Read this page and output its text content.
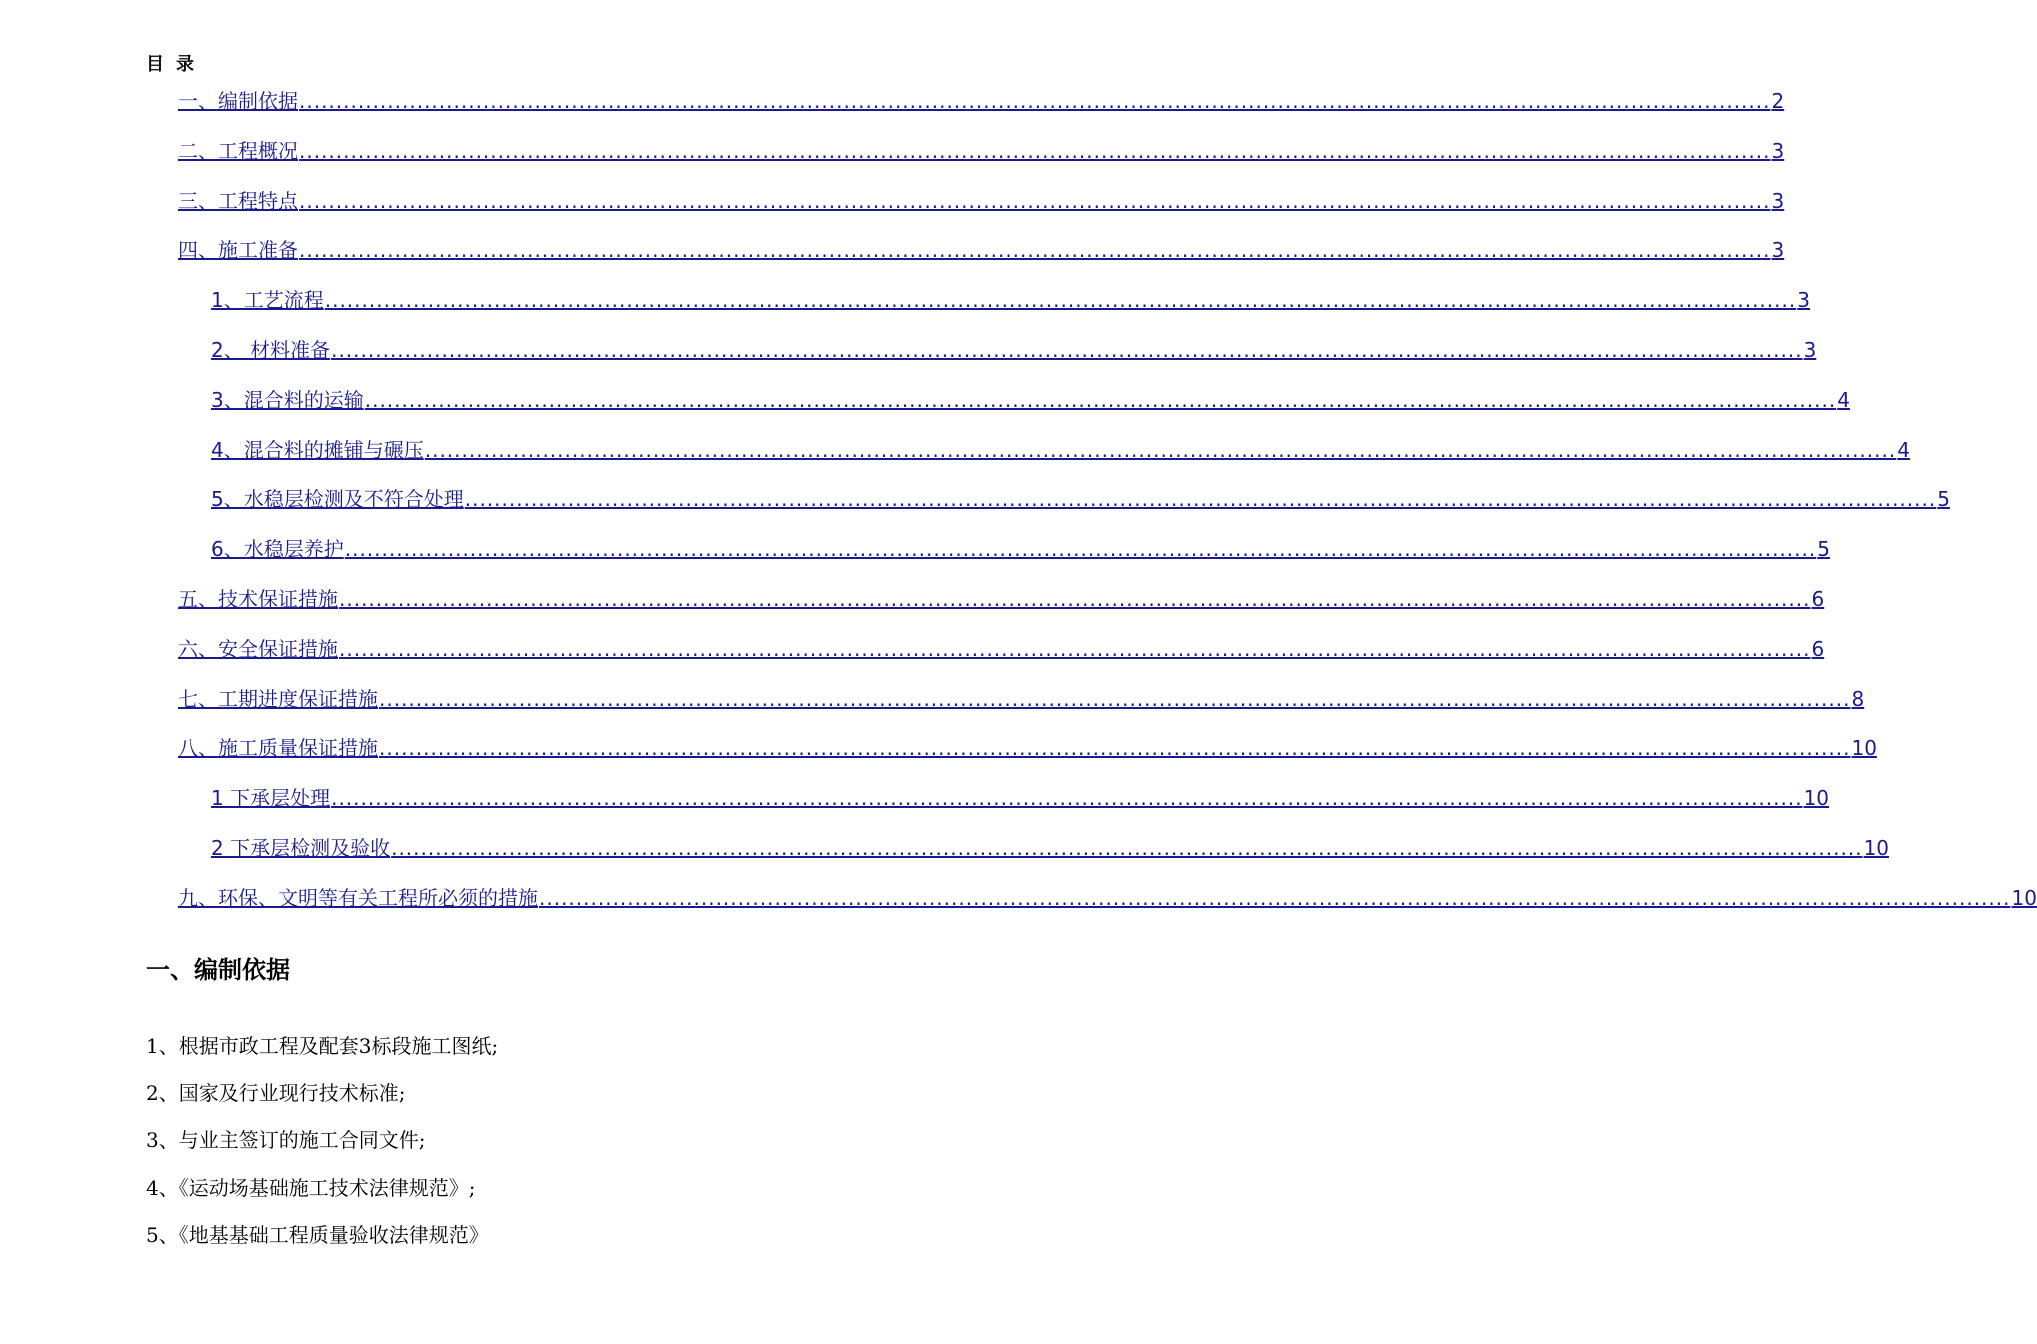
目录
一、编制依据 ........................................................................................................................................................................................................ 2
二、工程概况 ........................................................................................................................................................................................................ 3
三、工程特点 ........................................................................................................................................................................................................ 3
四、施工准备 ........................................................................................................................................................................................................ 3
1、工艺流程 ........................................................................................................................................................................................................ 3
2、 材料准备 ........................................................................................................................................................................................................ 3
3、混合料的运输 ........................................................................................................................................................................................................ 4
4、混合料的摊铺与碾压 ........................................................................................................................................................................................................ 4
5、水稳层检测及不符合处理 ........................................................................................................................................................................................................ 5
6、水稳层养护 ........................................................................................................................................................................................................ 5
五、技术保证措施 ........................................................................................................................................................................................................ 6
六、安全保证措施 ........................................................................................................................................................................................................ 6
七、工期进度保证措施 ........................................................................................................................................................................................................ 8
八、施工质量保证措施 ........................................................................................................................................................................................................ 10
1 下承层处理 ........................................................................................................................................................................................................ 10
2 下承层检测及验收 ........................................................................................................................................................................................................ 10
九、环保、文明等有关工程所必须的措施 ........................................................................................................................................................................................................ 10
一、编制依据
1、根据市政工程及配套3标段施工图纸;
2、国家及行业现行技术标准;
3、与业主签订的施工合同文件;
4、《运动场基础施工技术法律规范》;
5、《地基基础工程质量验收法律规范》
